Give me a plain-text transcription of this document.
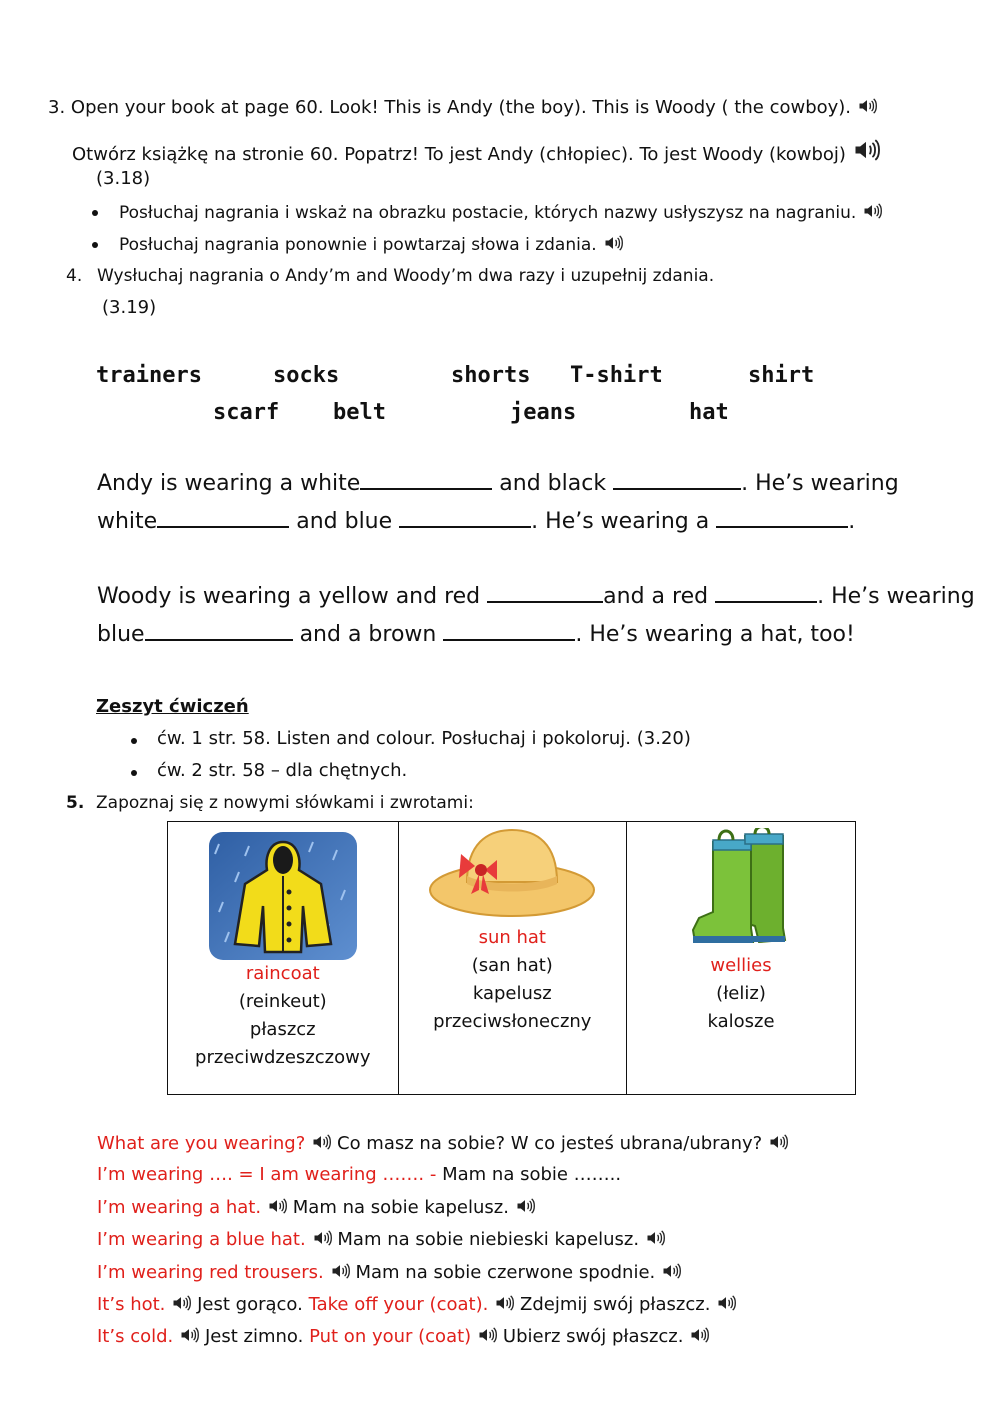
3. Open your book at page 60. Look! This is Andy (the boy). This is Woody ( the cowboy).
Otwórz książkę na stronie 60. Popatrz! To jest Andy (chłopiec). To jest Woody (kowboj)
(3.18)
Posłuchaj nagrania i wskaż na obrazku postacie, których nazwy usłyszysz na nagraniu.
Posłuchaj nagrania ponownie i powtarzaj słowa i zdania.
4. Wysłuchaj nagrania o Andy’m and Woody’m dwa razy i uzupełnij zdania.
(3.19)
trainers	socks	shorts T-shirt	shirt
scarf belt	jeans	hat
Andy is wearing a white	and black	. He’s wearing
white	and blue	. He’s wearing a	.
Woody is wearing a yellow and red	and a red	. He’s wearing
blue	and a brown	. He’s wearing a hat, too!
Zeszyt ćwiczeń
ćw. 1 str. 58. Listen and colour. Posłuchaj i pokoloruj. (3.20)
ćw. 2 str. 58 – dla chętnych.
5. Zapoznaj się z nowymi słówkami i zwrotami:
raincoat
(reinkeut)
płaszcz
przeciwdzeszczowy

sun hat
(san hat)
kapelusz
przeciwsłoneczny

wellies
(łeliz)
kalosze
What are you wearing? Co masz na sobie? W co jesteś ubrana/ubrany?
I’m wearing …. = I am wearing ……. - Mam na sobie ……..
I’m wearing a hat. Mam na sobie kapelusz.
I’m wearing a blue hat. Mam na sobie niebieski kapelusz.
I’m wearing red trousers. Mam na sobie czerwone spodnie.
It’s hot. Jest gorąco. Take off your (coat). Zdejmij swój płaszcz.
It’s cold. Jest zimno. Put on your (coat) Ubierz swój płaszcz.
